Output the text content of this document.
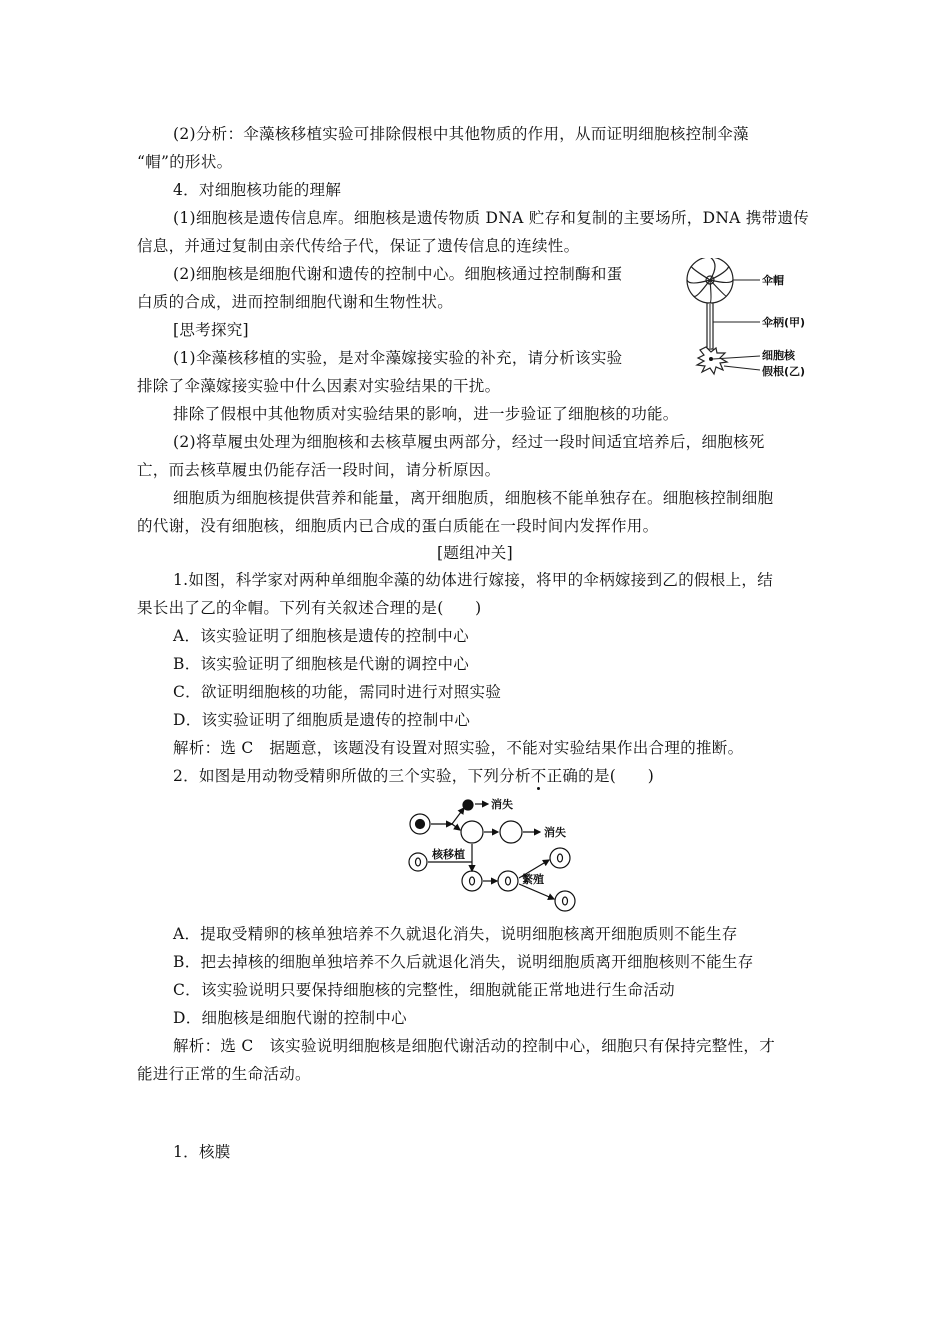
(2)分析：伞藻核移植实验可排除假根中其他物质的作用，从而证明细胞核控制伞藻
“帽”的形状。
4．对细胞核功能的理解
(1)细胞核是遗传信息库。细胞核是遗传物质 DNA 贮存和复制的主要场所，DNA 携带遗传
信息，并通过复制由亲代传给子代，保证了遗传信息的连续性。
(2)细胞核是细胞代谢和遗传的控制中心。细胞核通过控制酶和蛋
白质的合成，进而控制细胞代谢和生物性状。
[思考探究]
(1)伞藻核移植的实验，是对伞藻嫁接实验的补充，请分析该实验
排除了伞藻嫁接实验中什么因素对实验结果的干扰。
排除了假根中其他物质对实验结果的影响，进一步验证了细胞核的功能。
(2)将草履虫处理为细胞核和去核草履虫两部分，经过一段时间适宜培养后，细胞核死
亡，而去核草履虫仍能存活一段时间，请分析原因。
细胞质为细胞核提供营养和能量，离开细胞质，细胞核不能单独存在。细胞核控制细胞
的代谢，没有细胞核，细胞质内已合成的蛋白质能在一段时间内发挥作用。
[题组冲关]
1.如图，科学家对两种单细胞伞藻的幼体进行嫁接，将甲的伞柄嫁接到乙的假根上，结
果长出了乙的伞帽。下列有关叙述合理的是(　　)
A．该实验证明了细胞核是遗传的控制中心
B．该实验证明了细胞核是代谢的调控中心
C．欲证明细胞核的功能，需同时进行对照实验
D．该实验证明了细胞质是遗传的控制中心
解析：选 C　据题意，该题没有设置对照实验，不能对实验结果作出合理的推断。
2．如图是用动物受精卵所做的三个实验，下列分析不正确的是(　　)
A．提取受精卵的核单独培养不久就退化消失，说明细胞核离开细胞质则不能生存
B．把去掉核的细胞单独培养不久后就退化消失，说明细胞质离开细胞核则不能生存
C．该实验说明只要保持细胞核的完整性，细胞就能正常地进行生命活动
D．细胞核是细胞代谢的控制中心
解析：选 C　该实验说明细胞核是细胞代谢活动的控制中心，细胞只有保持完整性，才
能进行正常的生命活动。
1．核膜
伞帽
伞柄(甲)
细胞核
假根(乙)
消失
消失
核移植
繁殖
